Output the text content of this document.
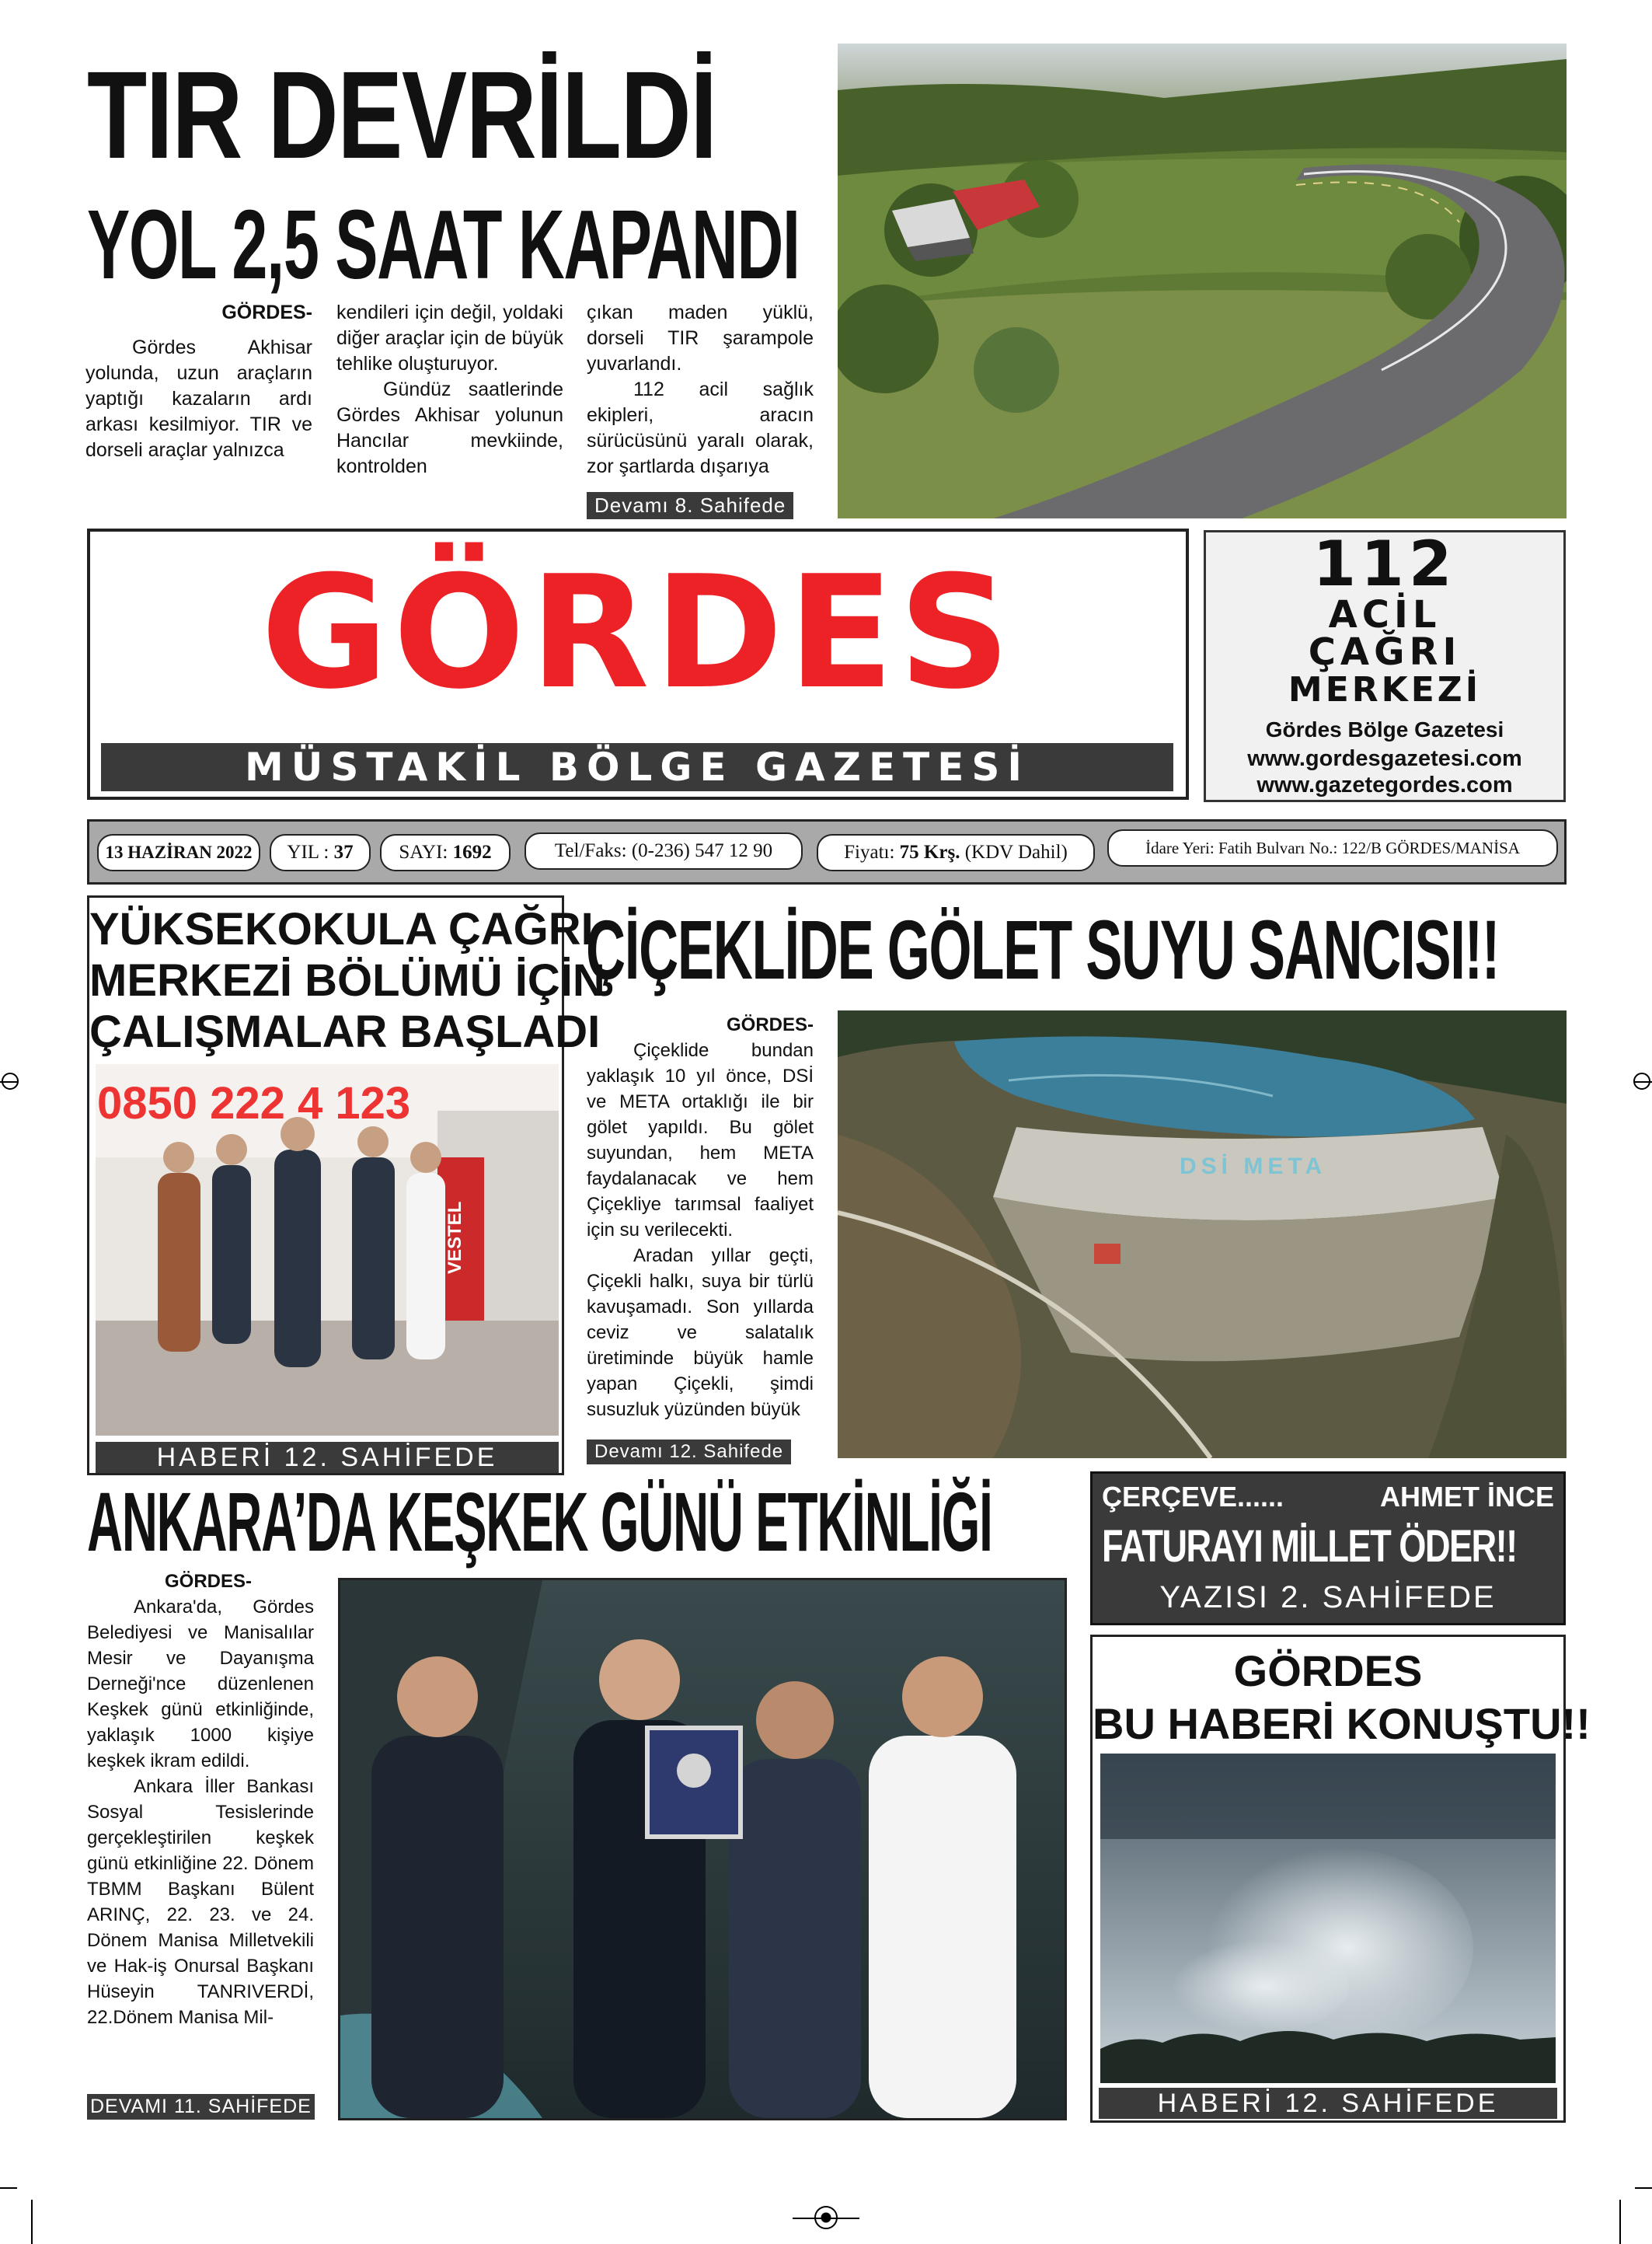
TIR DEVRİLDİ
YOL 2,5 SAAT KAPANDI

GÖRDES-

Gördes Akhisar yolunda, uzun araçların yaptığı kazaların ardı arkası kesilmiyor. TIR ve dorseli araçlar yalnızca

kendileri için değil, yoldaki diğer araçlar için de büyük tehlike oluşturuyor.

Gündüz saatlerinde Gördes Akhisar yolunun Hancılar mevkiinde, kontrolden

çıkan maden yüklü, dorseli TIR şarampole yuvarlandı.

112 acil sağlık ekipleri, aracın sürücüsünü yaralı olarak, zor şartlarda dışarıya

Devamı 8. Sahifede
GÖRDES
MÜSTAKİL BÖLGE GAZETESİ
112
ACİL
ÇAĞRI
MERKEZİ
Gördes Bölge Gazetesi
www.gordesgazetesi.com
www.gazetegordes.com
13 HAZİRAN 2022	YIL : 37	SAYI: 1692	Tel/Faks: (0-236) 547 12 90	Fiyatı: 75 Krş. (KDV Dahil)	İdare Yeri: Fatih Bulvarı No.: 122/B GÖRDES/MANİSA
YÜKSEKOKULA ÇAĞRI
MERKEZİ BÖLÜMÜ İÇİN
ÇALIŞMALAR BAŞLADI
0850 222 4 123
VESTEL
HABERİ 12. SAHİFEDE
ÇİÇEKLİDE GÖLET SUYU SANCISI!!

GÖRDES-

Çiçeklide bundan yaklaşık 10 yıl önce, DSİ ve META ortaklığı ile bir gölet yapıldı. Bu gölet suyundan, hem META faydalanacak ve hem Çiçekliye tarımsal faaliyet için su verilecekti.

Aradan yıllar geçti, Çiçekli halkı, suya bir türlü kavuşamadı. Son yıllarda ceviz ve salatalık üretiminde büyük hamle yapan Çiçekli, şimdi susuzluk yüzünden büyük

Devamı 12. Sahifede
DSİ META
ANKARA’DA KEŞKEK GÜNÜ ETKİNLİĞİ

GÖRDES-

Ankara'da, Gördes Belediyesi ve Manisalılar Mesir ve Dayanışma Derneği'nce düzenlenen Keşkek günü etkinliğinde, yaklaşık 1000 kişiye keşkek ikram edildi.

Ankara İller Bankası Sosyal Tesislerinde gerçekleştirilen keşkek günü etkinliğine 22. Dönem TBMM Başkanı Bülent ARINÇ, 22. 23. ve 24. Dönem Manisa Milletvekili ve Hak-iş Onursal Başkanı Hüseyin TANRIVERDİ, 22.Dönem Manisa Mil-

DEVAMI 11. SAHİFEDE
ÇERÇEVE......	AHMET İNCE
FATURAYI MİLLET ÖDER!!
YAZISI 2. SAHİFEDE
GÖRDES
BU HABERİ KONUŞTU!!
HABERİ 12. SAHİFEDE
